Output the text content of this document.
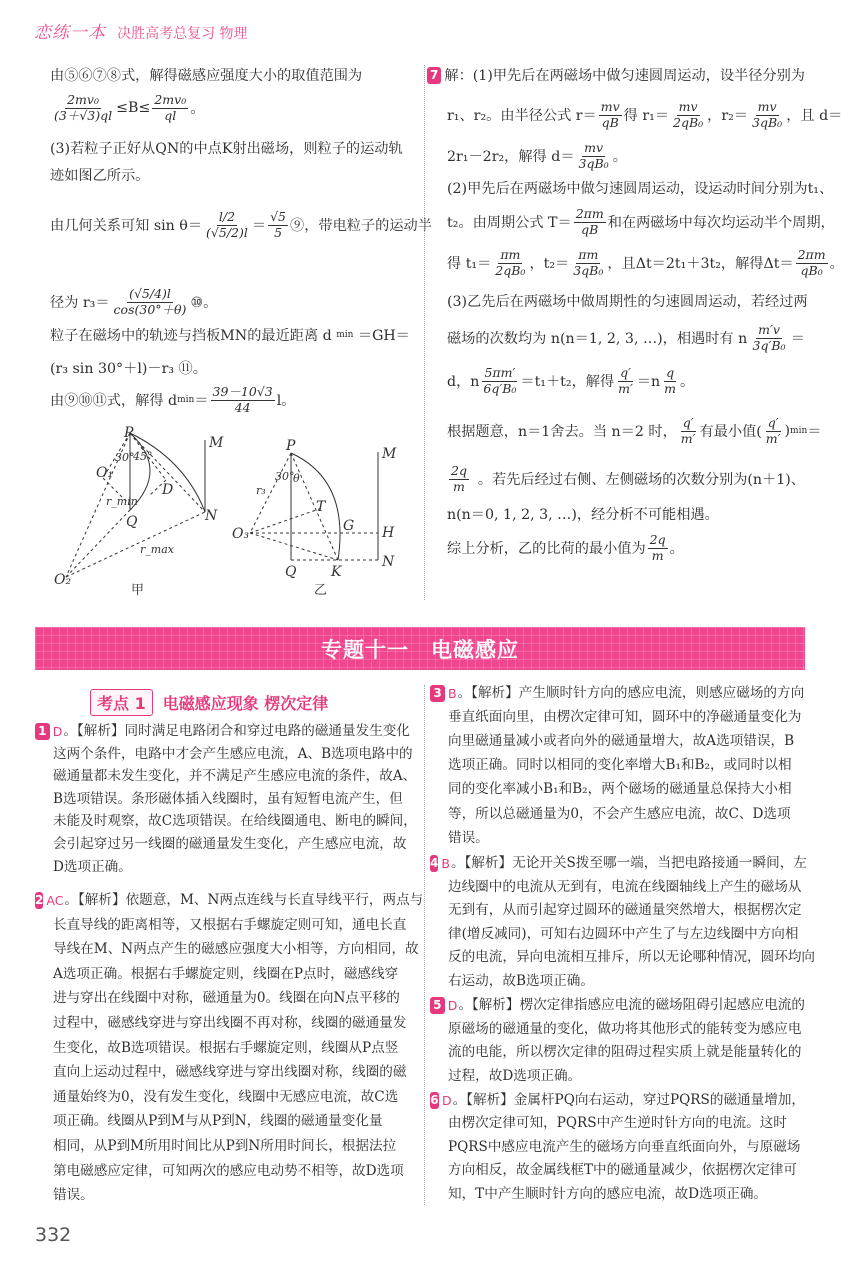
恋练一本 决胜高考总复习 物理
由⑤⑥⑦⑧式，解得磁感应强度大小的取值范围为
$\frac{\text{2mv₀}}{(3+√3)ql} \le B\le \frac{\text{2mv₀}}{ql}$ 。
(3)若粒子正好从QN的中点K射出磁场，则粒子的运动轨
迹如图乙所示。
由几何关系可知 $\sin \theta= \frac{l/2}{(√5/2)l} = \frac{√5}{5}$ ⑨，带电粒子的运动半
径为 $r_3= \frac{(√5/4)l}{\cos(30^\circ+\theta)}$ ⑩。
粒子在磁场中的轨迹与挡板MN的最近距离 d min ＝GH＝
(r₃ sin 30°＋l)－r₃ ⑪。
由⑨⑩⑪式，解得 d $\min = \frac{39-10√3}{44}$ l。
7 解：(1)甲先后在两磁场中做匀速圆周运动，设半径分别为
r₁、r₂。由半径公式 $r= \frac{mv}{qB}$ 得 $r_1= \frac{mv}{\text{2qB₀}}$ ，$r_2= \frac{mv}{\text{3qB₀}}$ ，且 d＝
2r₁－2r₂，解得 $d= \frac{mv}{\text{3qB₀}}$ 。
(2)甲先后在两磁场中做匀速圆周运动，设运动时间分别为t₁、
t₂。由周期公式 $T= \frac{2\pi m}{qB}$ 和在两磁场中每次均运动半个周期，
得 $t_1= \frac{\pi m}{\text{2qB₀}}$ ，$t_2= \frac{\pi m}{\text{3qB₀}}$ ，且Δt＝2t₁＋3t₂，解得$\Delta t= \frac{2\pi m}{\text{qB₀}}$ 。
(3)乙先后在两磁场中做周期性的匀速圆周运动，若经过两
磁场的次数均为 n(n＝1, 2, 3, …)，相遇时有 n $\frac{m'v}{\text{3q′B₀}}$ ＝
d，n $\frac{5\pi m'}{\text{6q′B₀}} =t_1+t_2$，解得 $\frac{q'}{m'} =n \frac{q}{m}$ 。
根据题意，n＝1舍去。当 n＝2 时， $\frac{q'}{m'}$ 有最小值( $\frac{q'}{m'}$ ) min ＝
$\frac{2q}{m}$ 。若先后经过右侧、左侧磁场的次数分别为(n＋1)、
n(n＝0, 1, 2, 3, …)，经分析不可能相遇。
综上分析，乙的比荷的最小值为 $\frac{2q}{m}$ 。
P
M
O₁
30°
45°
D
r_min
Q	N
r_max
O₂
甲
P	M
30°
θ
r₃
T
O₃	G H
Q K
N
乙
专题十一　电磁感应
考点 1	电磁感应现象 楞次定律
1 D 。【解析】同时满足电路闭合和穿过电路的磁通量发生变化
这两个条件，电路中才会产生感应电流，A、B选项电路中的
磁通量都未发生变化，并不满足产生感应电流的条件，故A、
B选项错误。条形磁体插入线圈时，虽有短暂电流产生，但
未能及时观察，故C选项错误。在给线圈通电、断电的瞬间，
会引起穿过另一线圈的磁通量发生变化，产生感应电流，故
D选项正确。
2 AC 。【解析】依题意，M、N两点连线与长直导线平行，两点与
长直导线的距离相等，又根据右手螺旋定则可知，通电长直
导线在M、N两点产生的磁感应强度大小相等，方向相同，故
A选项正确。根据右手螺旋定则，线圈在P点时，磁感线穿
进与穿出在线圈中对称，磁通量为0。线圈在向N点平移的
过程中，磁感线穿进与穿出线圈不再对称，线圈的磁通量发
生变化，故B选项错误。根据右手螺旋定则，线圈从P点竖
直向上运动过程中，磁感线穿进与穿出线圈对称，线圈的磁
通量始终为0，没有发生变化，线圈中无感应电流，故C选
项正确。线圈从P到M与从P到N，线圈的磁通量变化量
相同，从P到M所用时间比从P到N所用时间长，根据法拉
第电磁感应定律，可知两次的感应电动势不相等，故D选项
错误。
3 B 。【解析】产生顺时针方向的感应电流，则感应磁场的方向
垂直纸面向里，由楞次定律可知，圆环中的净磁通量变化为
向里磁通量减小或者向外的磁通量增大，故A选项错误，B
选项正确。同时以相同的变化率增大B₁和B₂，或同时以相
同的变化率减小B₁和B₂，两个磁场的磁通量总保持大小相
等，所以总磁通量为0，不会产生感应电流，故C、D选项
错误。
4 B 。【解析】无论开关S拨至哪一端，当把电路接通一瞬间，左
边线圈中的电流从无到有，电流在线圈轴线上产生的磁场从
无到有，从而引起穿过圆环的磁通量突然增大，根据楞次定
律(增反减同)，可知右边圆环中产生了与左边线圈中方向相
反的电流，异向电流相互排斥，所以无论哪种情况，圆环均向
右运动，故B选项正确。
5 D 。【解析】楞次定律指感应电流的磁场阻碍引起感应电流的
原磁场的磁通量的变化，做功将其他形式的能转变为感应电
流的电能，所以楞次定律的阻碍过程实质上就是能量转化的
过程，故D选项正确。
6 D 。【解析】金属杆PQ向右运动，穿过PQRS的磁通量增加，
由楞次定律可知，PQRS中产生逆时针方向的电流。这时
PQRS中感应电流产生的磁场方向垂直纸面向外，与原磁场
方向相反，故金属线框T中的磁通量减少，依据楞次定律可
知，T中产生顺时针方向的感应电流，故D选项正确。
332
